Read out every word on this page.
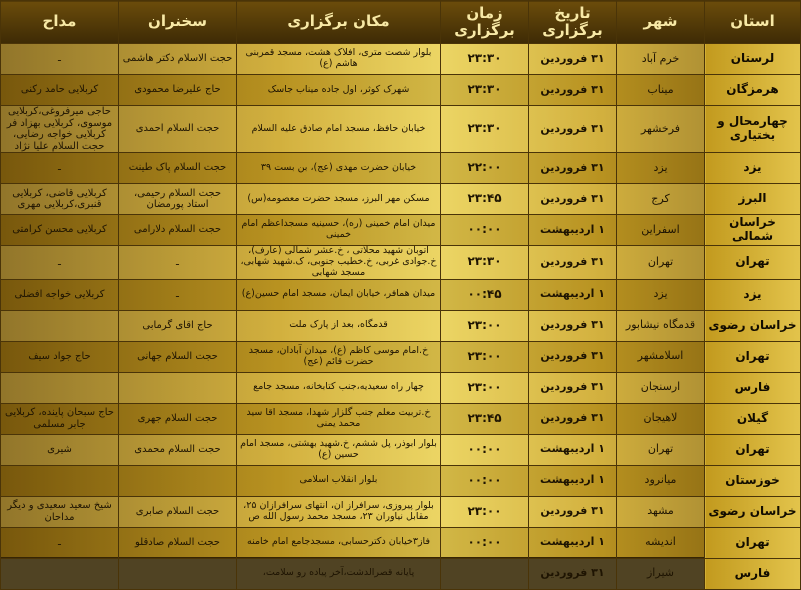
استان	شهر	تاریخ برگزاری	زمان برگزاری	مکان برگزاری	سخنران	مداح
لرستان	خرم آباد	۳۱ فروردین	۲۳:۳۰	بلوار شصت متری، افلاک هشت، مسجد قمربنی هاشم (ع)	حجت الاسلام دکتر هاشمی	ـ
هرمزگان	میناب	۳۱ فروردین	۲۳:۳۰	شهرک کوثر، اول جاده میناب جاسک	حاج علیرضا محمودی	کربلایی حامد رکنی
چهارمحال و بختیاری	فرخشهر	۳۱ فروردین	۲۳:۳۰	خیابان حافظ، مسجد امام صادق علیه السلام	حجت السلام احمدی	حاجی میرفروغی،کربلایی موسوی، کربلایی بهزاد فر کربلایی خواجه رضایی، حجت السلام علیا نژاد
یزد	یزد	۳۱ فروردین	۲۲:۰۰	خیابان حضرت مهدی (عج)، بن بست ۳۹	حجت السلام پاک طینت	ـ
البرز	کرج	۳۱ فروردین	۲۳:۴۵	مسکن مهر البرز، مسجد حضرت معصومه(س)	حجت السلام رحیمی، استاد پورمضان	کربلایی قاضی، کربلایی قنبری،کربلایی مهری
خراسان شمالی	اسفراین	۱ اردیبهشت	۰۰:۰۰	میدان امام خمینی (ره)، حسینیه مسجداعظم امام خمینی	حجت السلام دلارامی	کربلایی محسن کرامتی
تهران	تهران	۳۱ فروردین	۲۳:۳۰	اتوبان شهید محلاتی ، خ.عشر شمالی (عارف)، خ.جوادی غربی، خ.خطیب جنوبی، ک.شهید شهابی، مسجد شهابی	ـ	ـ
یزد	یزد	۱ اردیبهشت	۰۰:۴۵	میدان همافر، خیابان ایمان، مسجد امام حسین(ع)	ـ	کربلایی خواجه افضلی
خراسان رضوی	قدمگاه نیشابور	۳۱ فروردین	۲۳:۰۰	قدمگاه، بعد از پارک ملت	حاج اقای گرمابی	
تهران	اسلامشهر	۳۱ فروردین	۲۳:۰۰	خ.امام موسی کاظم (ع)، میدان آبادان، مسجد حضرت قائم (عج)	حجت السلام جهانی	حاج جواد سیف
فارس	ارسنجان	۳۱ فروردین	۲۳:۰۰	چهار راه سعیدیه،جنب کتابخانه، مسجد جامع		
گیلان	لاهیجان	۳۱ فروردین	۲۳:۴۵	خ.تربیت معلم جنب گلزار شهدا، مسجد اقا سید محمد یمنی	حجت السلام جهری	حاج سبحان پاینده، کربلایی جابر مسلمی
تهران	تهران	۱ اردیبهشت	۰۰:۰۰	بلوار ابوذر، پل ششم، خ.شهید بهشتی، مسجد امام حسین (ع)	حجت السلام محمدی	شیری
خوزستان	میانرود	۱ اردیبهشت	۰۰:۰۰	بلوار انقلاب اسلامی		
خراسان رضوی	مشهد	۳۱ فروردین	۲۳:۰۰	بلوار پیروزی، سرافراز ان، انتهای سرافرازان ۲۵، مقابل نیاوران ۲۳، مسجد محمد رسول الله ص	حجت السلام صابری	شیخ سعید سعیدی و دیگر مداحان
تهران	اندیشه	۱ اردیبهشت	۰۰:۰۰	فاز۳خیابان دکترحسابی، مسجدجامع امام خامنه	حجت السلام صادقلو	ـ
فارس	شیراز	۳۱ فروردین		پایانه قصرالدشت،آخر پیاده رو سلامت،		
